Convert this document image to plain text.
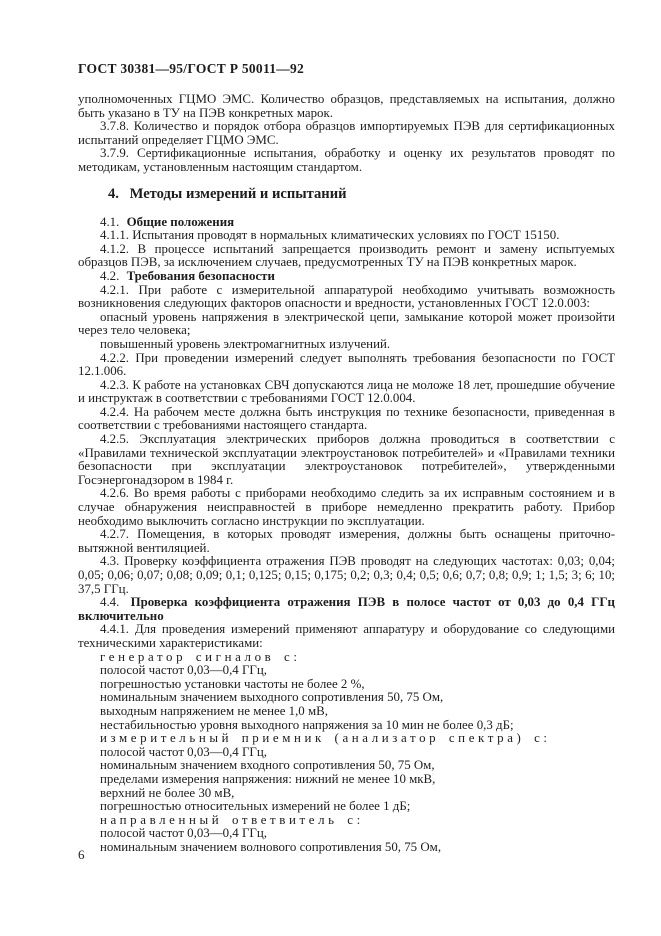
ГОСТ 30381—95/ГОСТ Р 50011—92

уполномоченных ГЦМО ЭМС. Количество образцов, представляемых на испытания, должно быть указано в ТУ на ПЭВ конкретных марок.

3.7.8. Количество и порядок отбора образцов импортируемых ПЭВ для сертификационных испытаний определяет ГЦМО ЭМС.

3.7.9. Сертификационные испытания, обработку и оценку их результатов проводят по методикам, установленным настоящим стандартом.

4. Методы измерений и испытаний

4.1. Общие положения

4.1.1. Испытания проводят в нормальных климатических условиях по ГОСТ 15150.

4.1.2. В процессе испытаний запрещается производить ремонт и замену испытуемых образцов ПЭВ, за исключением случаев, предусмотренных ТУ на ПЭВ конкретных марок.

4.2. Требования безопасности

4.2.1. При работе с измерительной аппаратурой необходимо учитывать возможность возникновения следующих факторов опасности и вредности, установленных ГОСТ 12.0.003:

опасный уровень напряжения в электрической цепи, замыкание которой может произойти через тело человека;

повышенный уровень электромагнитных излучений.

4.2.2. При проведении измерений следует выполнять требования безопасности по ГОСТ 12.1.006.

4.2.3. К работе на установках СВЧ допускаются лица не моложе 18 лет, прошедшие обучение и инструктаж в соответствии с требованиями ГОСТ 12.0.004.

4.2.4. На рабочем месте должна быть инструкция по технике безопасности, приведенная в соответствии с требованиями настоящего стандарта.

4.2.5. Эксплуатация электрических приборов должна проводиться в соответствии с «Правилами технической эксплуатации электроустановок потребителей» и «Правилами техники безопасности при эксплуатации электроустановок потребителей», утвержденными Госэнергонадзором в 1984 г.

4.2.6. Во время работы с приборами необходимо следить за их исправным состоянием и в случае обнаружения неисправностей в приборе немедленно прекратить работу. Прибор необходимо выключить согласно инструкции по эксплуатации.

4.2.7. Помещения, в которых проводят измерения, должны быть оснащены приточно-вытяжной вентиляцией.

4.3. Проверку коэффициента отражения ПЭВ проводят на следующих частотах: 0,03; 0,04; 0,05; 0,06; 0,07; 0,08; 0,09; 0,1; 0,125; 0,15; 0,175; 0,2; 0,3; 0,4; 0,5; 0,6; 0,7; 0,8; 0,9; 1; 1,5; 3; 6; 10; 37,5 ГГц.

4.4. Проверка коэффициента отражения ПЭВ в полосе частот от 0,03 до 0,4 ГГц включительно

4.4.1. Для проведения измерений применяют аппаратуру и оборудование со следующими техническими характеристиками:

генератор сигналов с:

полосой частот 0,03—0,4 ГГц,

погрешностью установки частоты не более 2 %,

номинальным значением выходного сопротивления 50, 75 Ом,

выходным напряжением не менее 1,0 мВ,

нестабильностью уровня выходного напряжения за 10 мин не более 0,3 дБ;

измерительный приемник (анализатор спектра) с:

полосой частот 0,03—0,4 ГГц,

номинальным значением входного сопротивления 50, 75 Ом,

пределами измерения напряжения: нижний не менее 10 мкВ,

верхний не более 30 мВ,

погрешностью относительных измерений не более 1 дБ;

направленный ответвитель с:

полосой частот 0,03—0,4 ГГц,

номинальным значением волнового сопротивления 50, 75 Ом,

6
